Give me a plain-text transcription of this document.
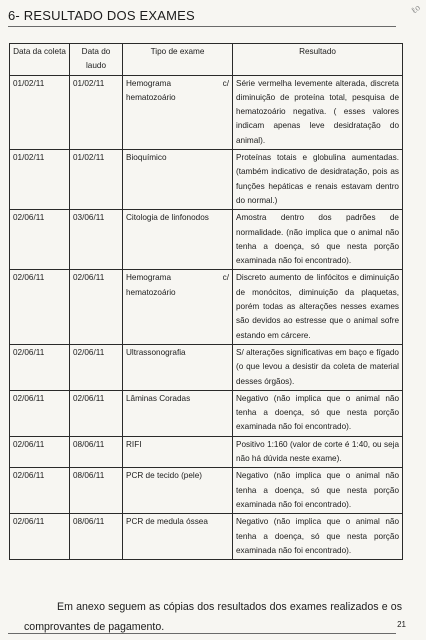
6- RESULTADO DOS EXAMES	ℓo
Data da coleta	Data do laudo	Tipo de exame	Resultado
01/02/11	01/02/11	Hemograma c/ hematozoário	Série vermelha levemente alterada, discreta diminuição de proteína total, pesquisa de hematozoário negativa. ( esses valores indicam apenas leve desidratação do animal).
01/02/11	01/02/11	Bioquímico	Proteínas totais e globulina aumentadas. (também indicativo de desidratação, pois as funções hepáticas e renais estavam dentro do normal.)
02/06/11	03/06/11	Citologia de linfonodos	Amostra dentro dos padrões de normalidade. (não implica que o animal não tenha a doença, só que nesta porção examinada não foi encontrado).
02/06/11	02/06/11	Hemograma c/ hematozoário	Discreto aumento de linfócitos e diminuição de monócitos, diminuição da plaquetas, porém todas as alterações nesses exames são devidos ao estresse que o animal sofre estando em cárcere.
02/06/11	02/06/11	Ultrassonografia	S/ alterações significativas em baço e fígado (o que levou a desistir da coleta de material desses órgãos).
02/06/11	02/06/11	Lâminas Coradas	Negativo (não implica que o animal não tenha a doença, só que nesta porção examinada não foi encontrado).
02/06/11	08/06/11	RIFI	Positivo 1:160 (valor de corte é 1:40, ou seja não há dúvida neste exame).
02/06/11	08/06/11	PCR de tecido (pele)	Negativo (não implica que o animal não tenha a doença, só que nesta porção examinada não foi encontrado).
02/06/11	08/06/11	PCR de medula óssea	Negativo (não implica que o animal não tenha a doença, só que nesta porção examinada não foi encontrado).

Em anexo seguem as cópias dos resultados dos exames realizados e os comprovantes de pagamento.	21
